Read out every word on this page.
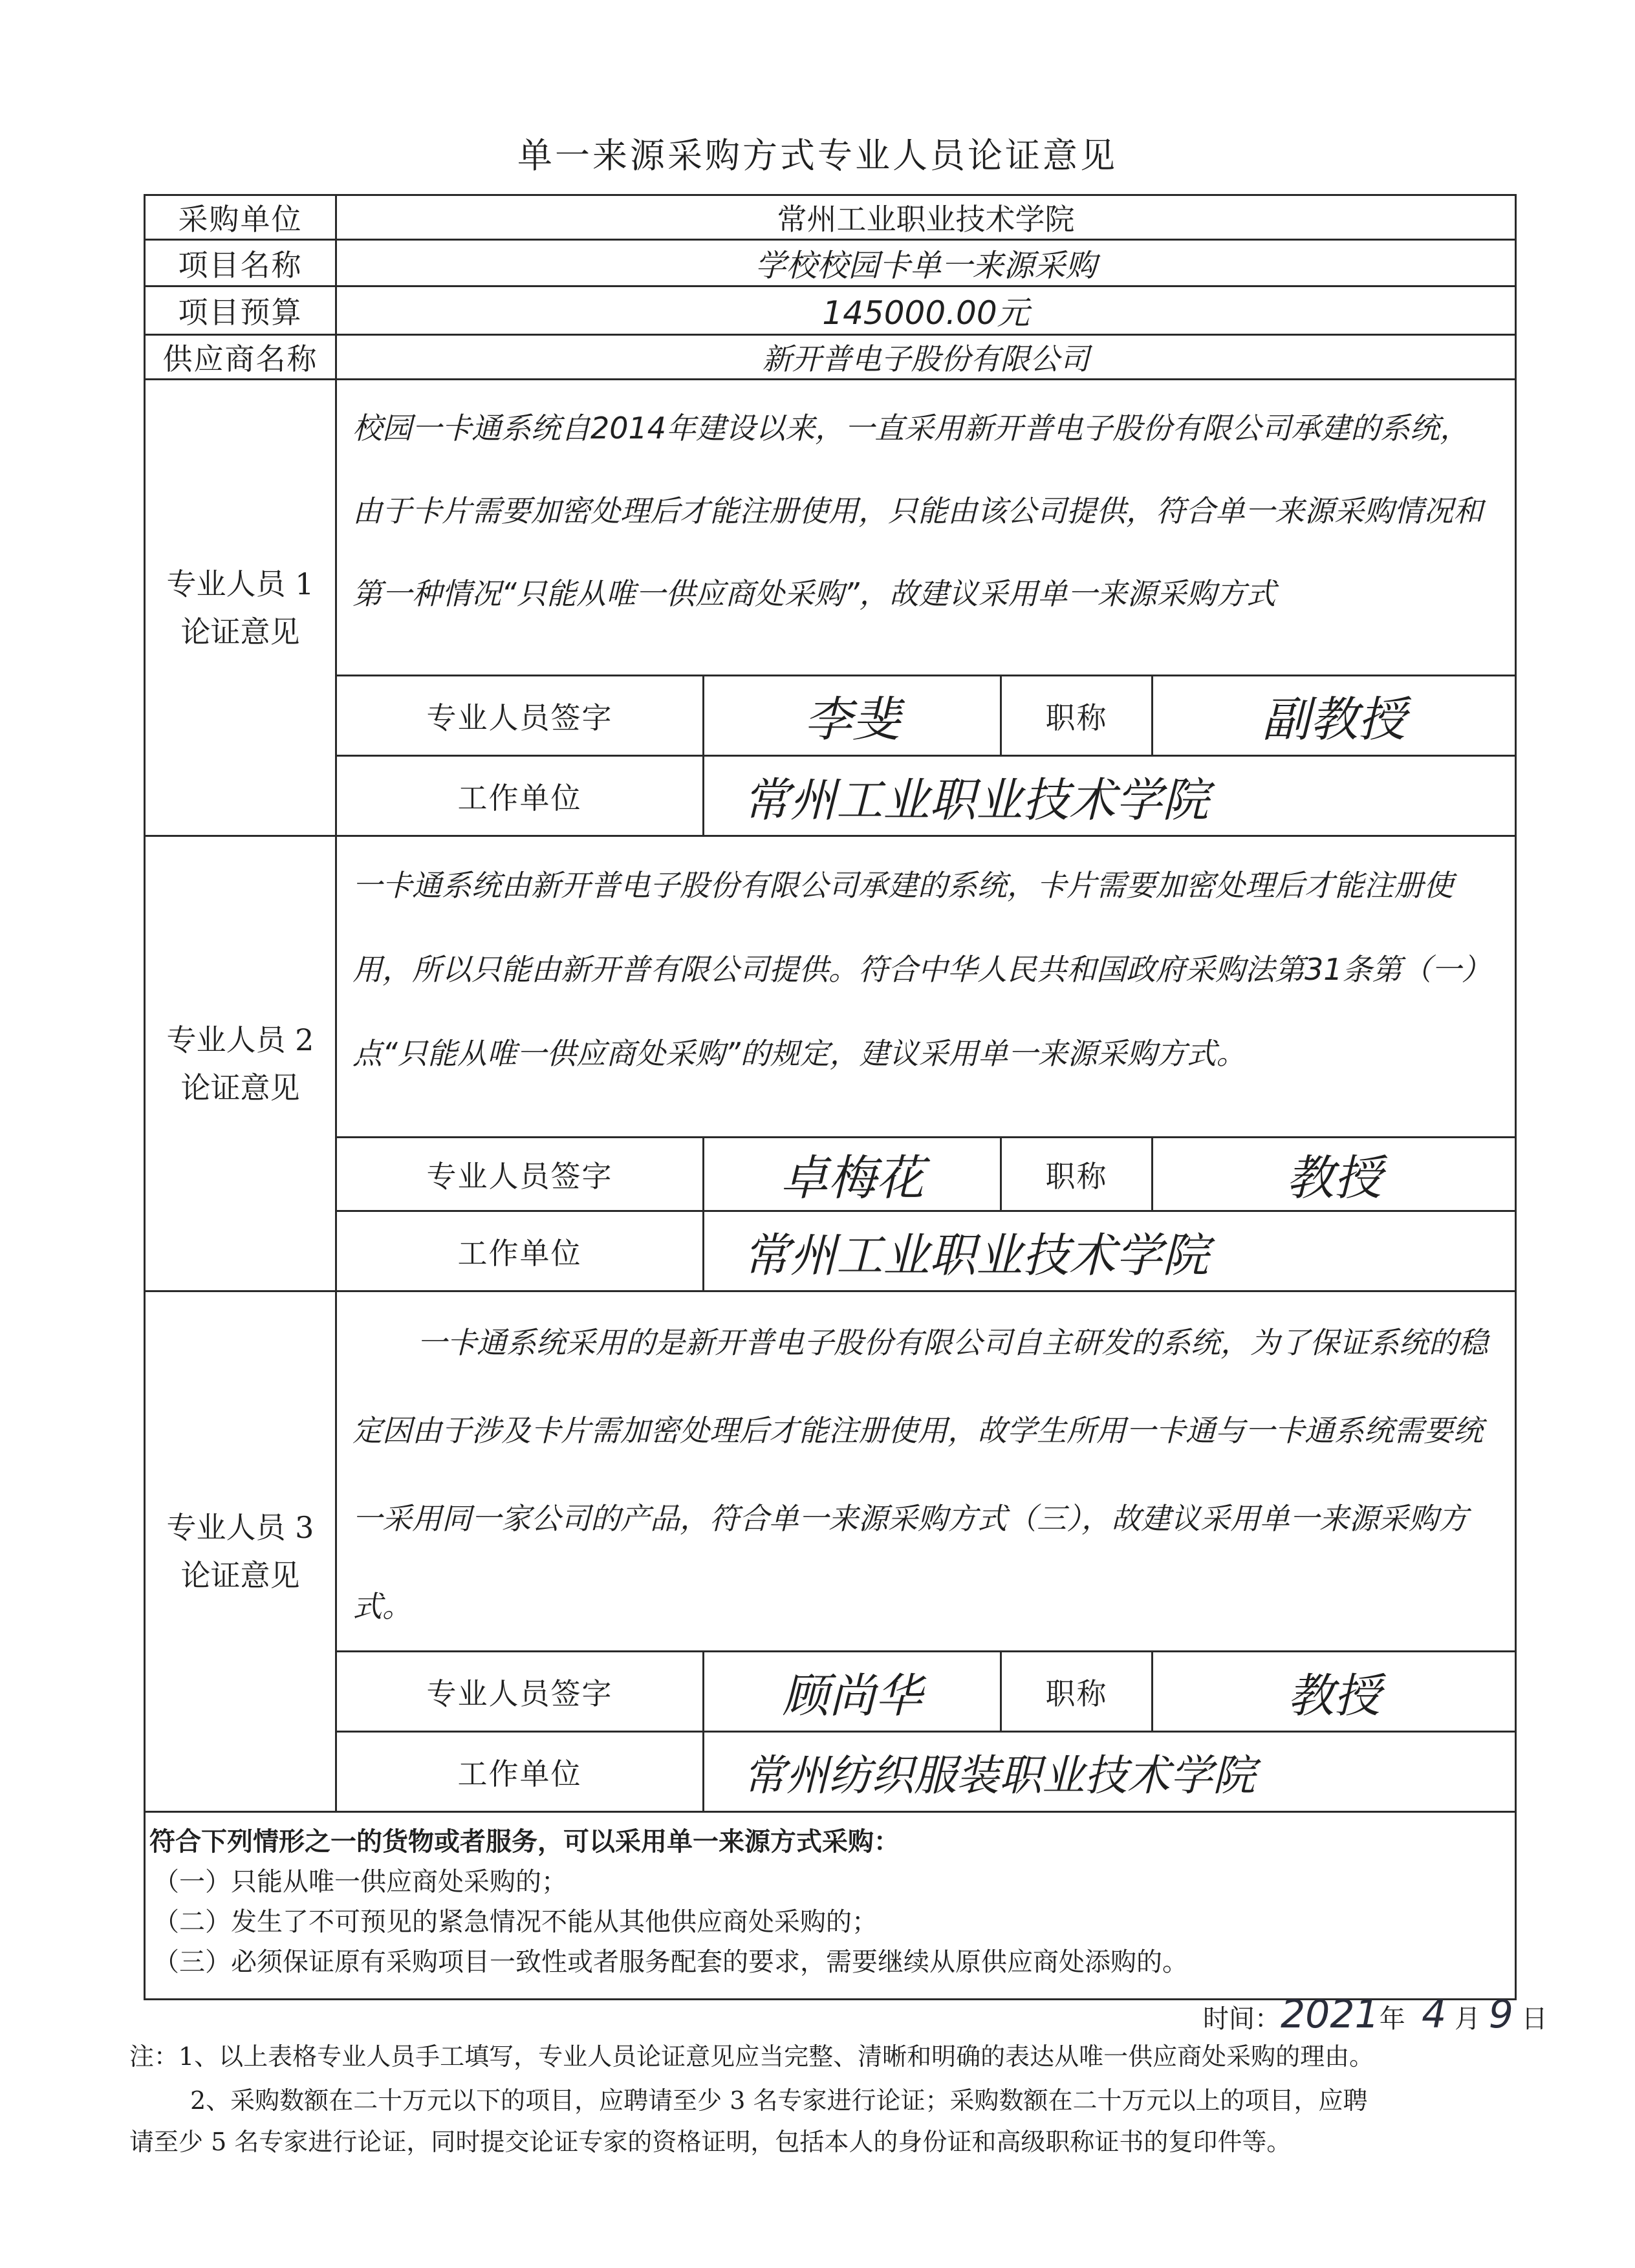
单一来源采购方式专业人员论证意见
采购单位	常州工业职业技术学院			
项目名称	学校校园卡单一来源采购			
项目预算	145000.00元			
供应商名称	新开普电子股份有限公司			

专业人员 1
论证意见	校园一卡通系统自2014年建设以来，一直采用新开普电子股份有限公司承建的系统，由于卡片需要加密处理后才能注册使用，只能由该公司提供，符合单一来源采购情况和第一种情况“只能从唯一供应商处采购”，故建议采用单一来源采购方式			
	专业人员签字	李斐	职称	副教授
	工作单位	常州工业职业技术学院		

专业人员 2
论证意见	一卡通系统由新开普电子股份有限公司承建的系统，卡片需要加密处理后才能注册使用，所以只能由新开普有限公司提供。符合中华人民共和国政府采购法第31条第（一）点“只能从唯一供应商处采购”的规定，建议采用单一来源采购方式。			
	专业人员签字	卓梅花	职称	教授
	工作单位	常州工业职业技术学院		

专业人员 3
论证意见	一卡通系统采用的是新开普电子股份有限公司自主研发的系统，为了保证系统的稳定因由于涉及卡片需加密处理后才能注册使用，故学生所用一卡通与一卡通系统需要统一采用同一家公司的产品，符合单一来源采购方式（三），故建议采用单一来源采购方式。			
	专业人员签字	顾尚华	职称	教授
	工作单位	常州纺织服装职业技术学院		

符合下列情形之一的货物或者服务，可以采用单一来源方式采购：
（一）只能从唯一供应商处采购的；
（二）发生了不可预见的紧急情况不能从其他供应商处采购的；
（三）必须保证原有采购项目一致性或者服务配套的要求，需要继续从原供应商处添购的。				
时间：2021年 4 月 9 日
注：1、以上表格专业人员手工填写，专业人员论证意见应当完整、清晰和明确的表达从唯一供应商处采购的理由。
2、采购数额在二十万元以下的项目，应聘请至少 3 名专家进行论证；采购数额在二十万元以上的项目，应聘
请至少 5 名专家进行论证，同时提交论证专家的资格证明，包括本人的身份证和高级职称证书的复印件等。
